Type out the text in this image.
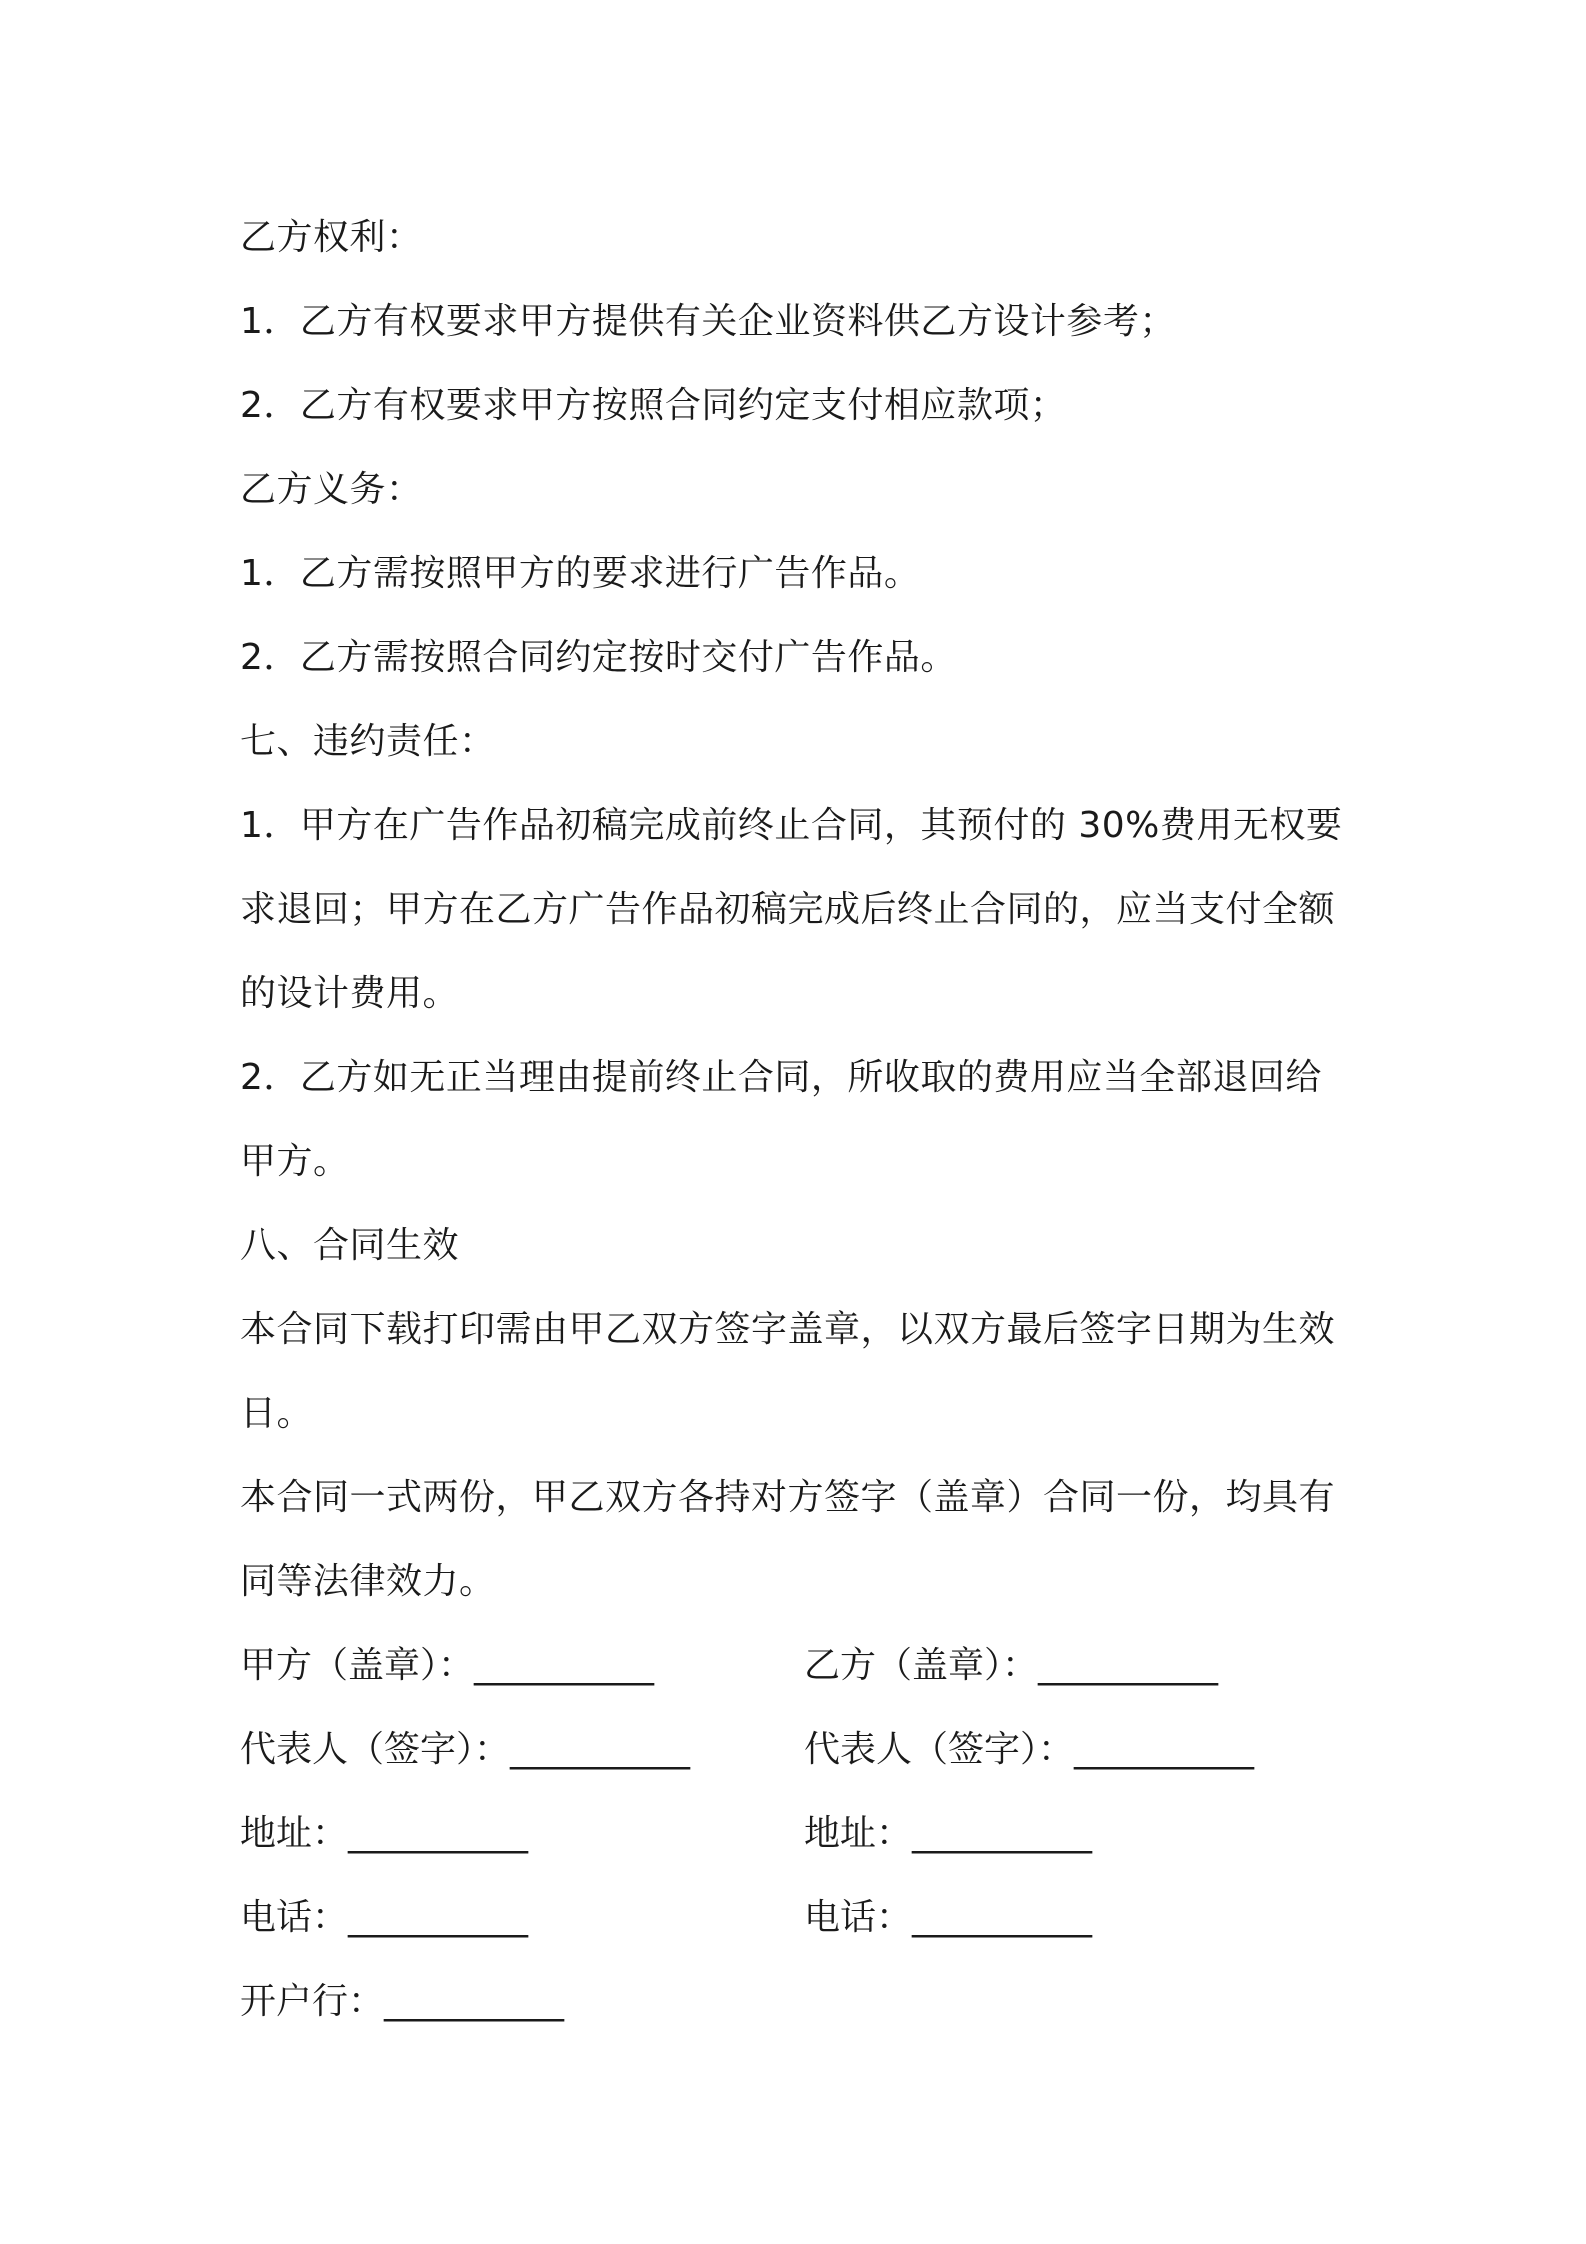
乙方权利：
1．乙方有权要求甲方提供有关企业资料供乙方设计参考；
2．乙方有权要求甲方按照合同约定支付相应款项；
乙方义务：
1．乙方需按照甲方的要求进行广告作品。
2．乙方需按照合同约定按时交付广告作品。
七、违约责任：
1．甲方在广告作品初稿完成前终止合同，其预付的 30%费用无权要
求退回；甲方在乙方广告作品初稿完成后终止合同的，应当支付全额
的设计费用。
2．乙方如无正当理由提前终止合同，所收取的费用应当全部退回给
甲方。
八、合同生效
本合同下载打印需由甲乙双方签字盖章，以双方最后签字日期为生效
日。
本合同一式两份，甲乙双方各持对方签字（盖章）合同一份，均具有
同等法律效力。
甲方（盖章）：__________	乙方（盖章）：__________
代表人（签字）：__________	代表人（签字）：__________
地址：__________	地址：__________
电话：__________	电话：__________
开户行：__________
